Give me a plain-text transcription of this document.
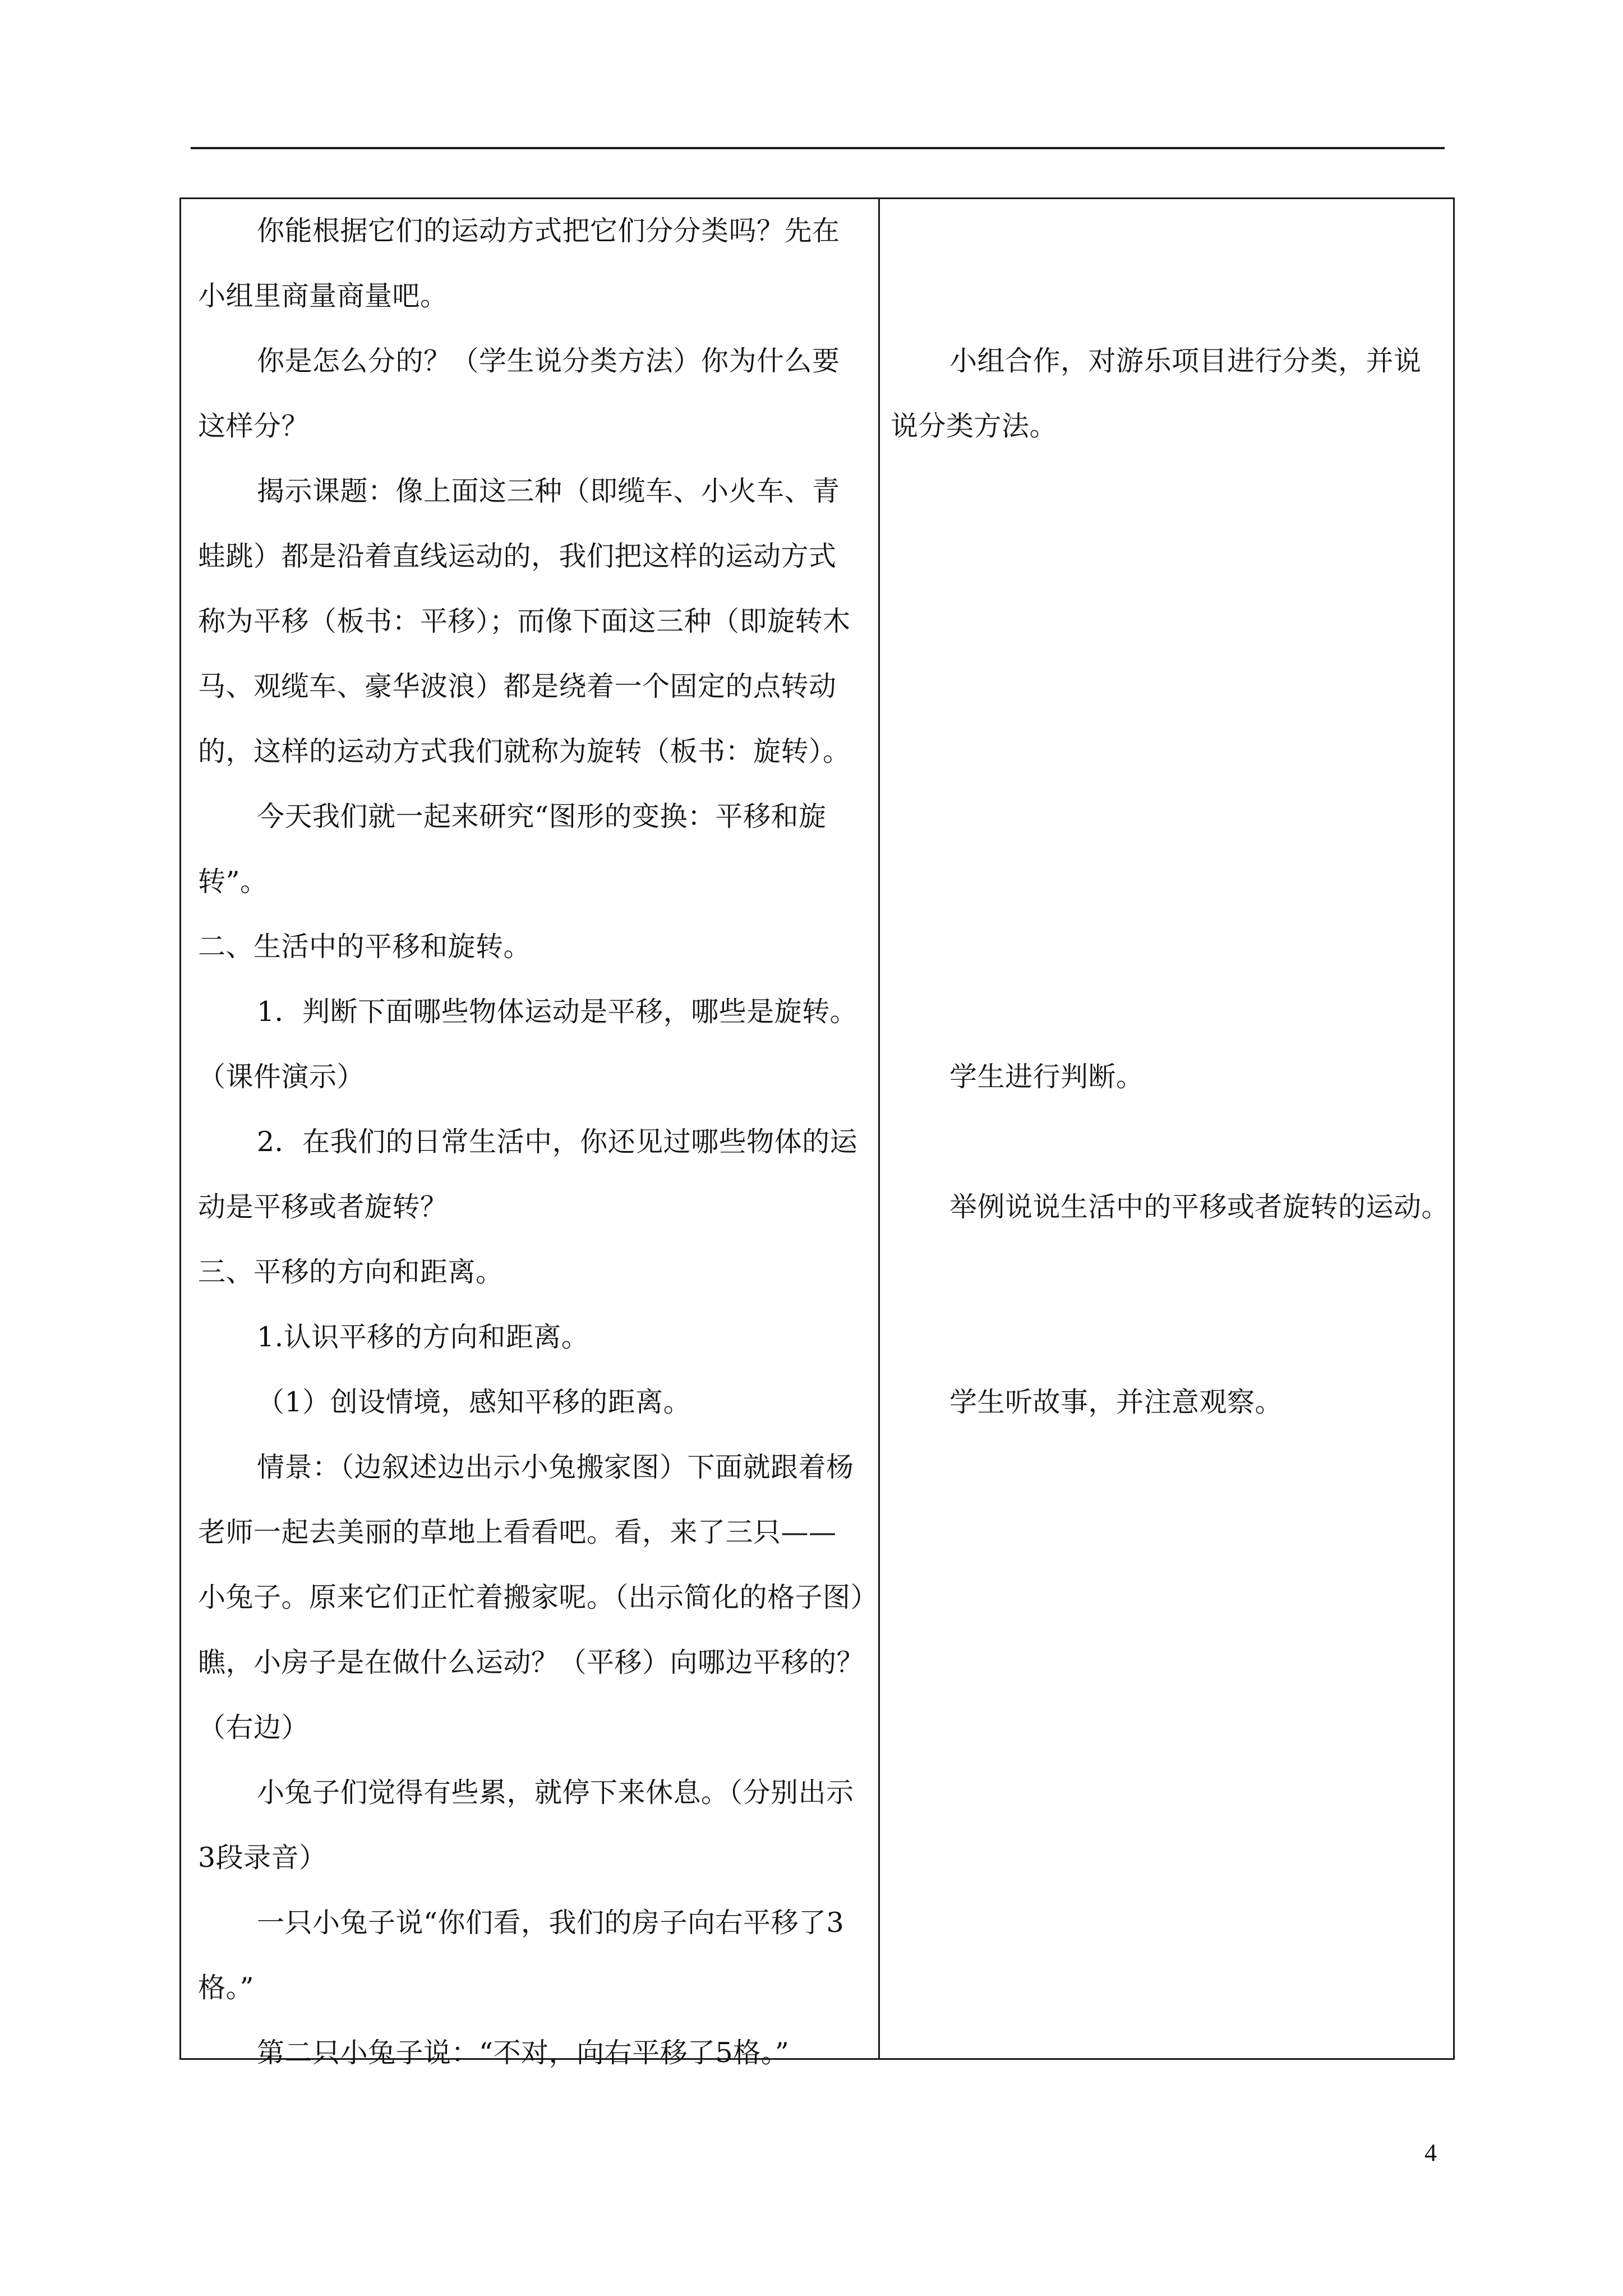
你能根据它们的运动方式把它们分分类吗？先在
小组里商量商量吧。
你是怎么分的？（学生说分类方法）你为什么要
这样分？
揭示课题：像上面这三种（即缆车、小火车、青
蛙跳）都是沿着直线运动的，我们把这样的运动方式
称为平移（板书：平移）；而像下面这三种（即旋转木
马、观缆车、豪华波浪）都是绕着一个固定的点转动
的，这样的运动方式我们就称为旋转（板书：旋转）。
今天我们就一起来研究“图形的变换：平移和旋
转”。
二、生活中的平移和旋转。
1．判断下面哪些物体运动是平移，哪些是旋转。
（课件演示）
2．在我们的日常生活中，你还见过哪些物体的运
动是平移或者旋转？
三、平移的方向和距离。
1.认识平移的方向和距离。
（1）创设情境，感知平移的距离。
情景：（边叙述边出示小兔搬家图）下面就跟着杨
老师一起去美丽的草地上看看吧。看，来了三只——
小兔子。原来它们正忙着搬家呢。（出示简化的格子图）
瞧，小房子是在做什么运动？（平移）向哪边平移的？
（右边）
小兔子们觉得有些累，就停下来休息。（分别出示
3段录音）
一只小兔子说“你们看，我们的房子向右平移了3
格。”
第二只小兔子说：“不对，向右平移了5格。”
小组合作，对游乐项目进行分类，并说
说分类方法。
学生进行判断。
举例说说生活中的平移或者旋转的运动。
学生听故事，并注意观察。
4
